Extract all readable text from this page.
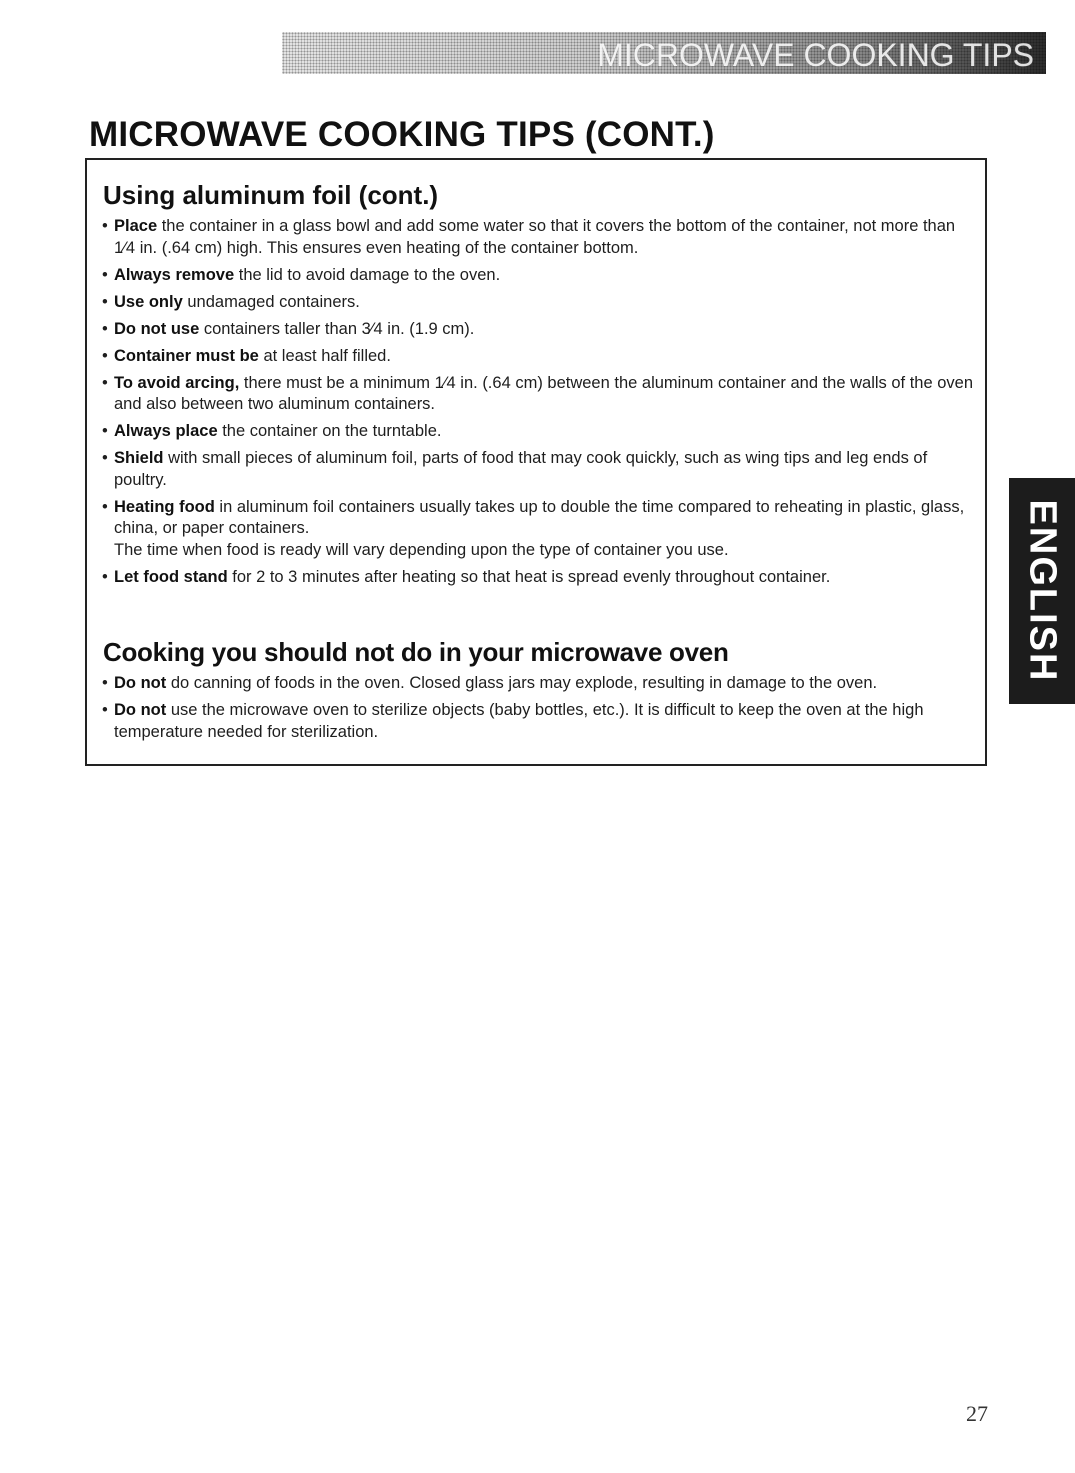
MICROWAVE COOKING TIPS
MICROWAVE COOKING TIPS (CONT.)
Using aluminum foil (cont.)
• Place the container in a glass bowl and add some water so that it covers the bottom of the container, not more than 1⁄4 in. (.64 cm) high. This ensures even heating of the container bottom.
• Always remove the lid to avoid damage to the oven.
• Use only undamaged containers.
• Do not use containers taller than 3⁄4 in. (1.9 cm).
• Container must be at least half filled.
• To avoid arcing, there must be a minimum 1⁄4 in. (.64 cm) between the aluminum container and the walls of the oven and also between two aluminum containers.
• Always place the container on the turntable.
• Shield with small pieces of aluminum foil, parts of food that may cook quickly, such as wing tips and leg ends of poultry.
• Heating food in aluminum foil containers usually takes up to double the time compared to reheating in plastic, glass, china, or paper containers.
The time when food is ready will vary depending upon the type of container you use.
• Let food stand for 2 to 3 minutes after heating so that heat is spread evenly throughout container.
Cooking you should not do in your microwave oven
• Do not do canning of foods in the oven. Closed glass jars may explode, resulting in damage to the oven.
• Do not use the microwave oven to sterilize objects (baby bottles, etc.). It is difficult to keep the oven at the high temperature needed for sterilization.
ENGLISH
27
